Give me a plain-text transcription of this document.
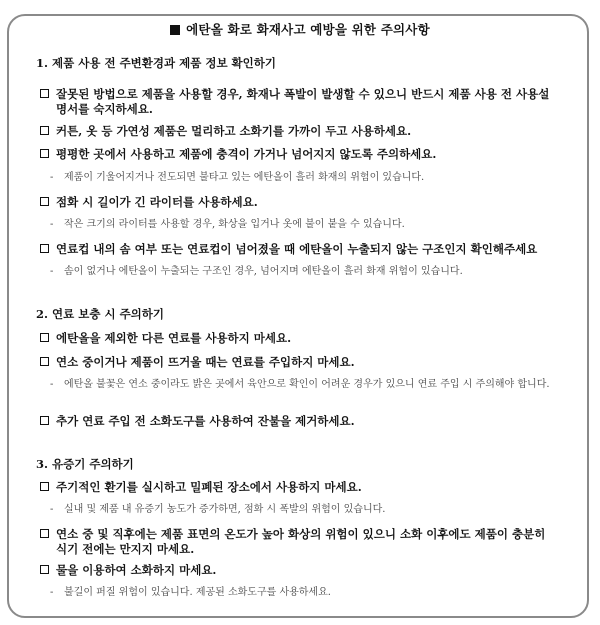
에탄올 화로 화재사고 예방을 위한 주의사항
1. 제품 사용 전 주변환경과 제품 정보 확인하기
잘못된 방법으로 제품을 사용할 경우, 화재나 폭발이 발생할 수 있으니 반드시 제품 사용 전 사용설명서를 숙지하세요.
커튼, 옷 등 가연성 제품은 멀리하고 소화기를 가까이 두고 사용하세요.
평평한 곳에서 사용하고 제품에 충격이 가거나 넘어지지 않도록 주의하세요.
- 제품이 기울어지거나 전도되면 불타고 있는 에탄올이 흘러 화재의 위험이 있습니다.
점화 시 길이가 긴 라이터를 사용하세요.
- 작은 크기의 라이터를 사용할 경우, 화상을 입거나 옷에 불이 붙을 수 있습니다.
연료컵 내의 솜 여부 또는 연료컵이 넘어졌을 때 에탄올이 누출되지 않는 구조인지 확인해주세요
- 솜이 없거나 에탄올이 누출되는 구조인 경우, 넘어지며 에탄올이 흘러 화재 위험이 있습니다.
2. 연료 보충 시 주의하기
에탄올을 제외한 다른 연료를 사용하지 마세요.
연소 중이거나 제품이 뜨거울 때는 연료를 주입하지 마세요.
- 에탄올 불꽃은 연소 중이라도 밝은 곳에서 육안으로 확인이 어려운 경우가 있으니 연료 주입 시 주의해야 합니다.
추가 연료 주입 전 소화도구를 사용하여 잔불을 제거하세요.
3. 유증기 주의하기
주기적인 환기를 실시하고 밀폐된 장소에서 사용하지 마세요.
- 실내 및 제품 내 유증기 농도가 증가하면, 점화 시 폭발의 위험이 있습니다.
연소 중 및 직후에는 제품 표면의 온도가 높아 화상의 위험이 있으니 소화 이후에도 제품이 충분히 식기 전에는 만지지 마세요.
물을 이용하여 소화하지 마세요.
- 불길이 퍼질 위험이 있습니다. 제공된 소화도구를 사용하세요.
